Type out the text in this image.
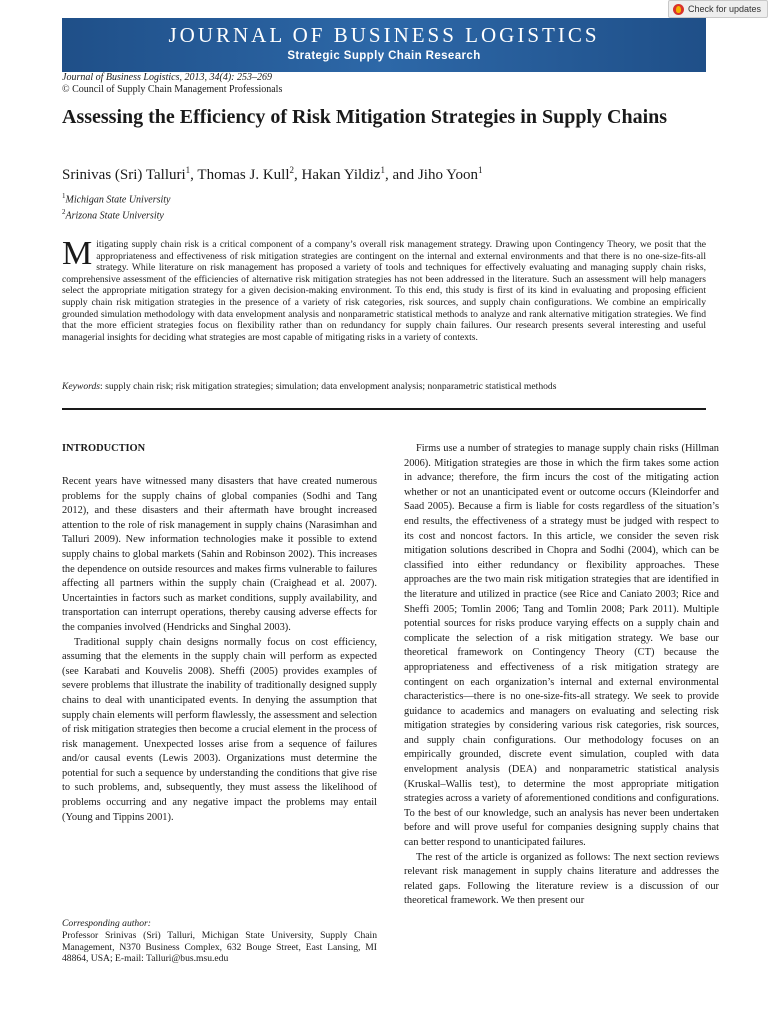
Check for updates
JOURNAL OF BUSINESS LOGISTICS
Strategic Supply Chain Research
Journal of Business Logistics, 2013, 34(4): 253–269
© Council of Supply Chain Management Professionals
Assessing the Efficiency of Risk Mitigation Strategies in Supply Chains
Srinivas (Sri) Talluri$^1$, Thomas J. Kull$^2$, Hakan Yildiz$^1$, and Jiho Yoon$^1$
$^1$Michigan State University
$^2$Arizona State University

Mitigating supply chain risk is a critical component of a company’s overall risk management strategy. Drawing upon Contingency Theory, we posit that the appropriateness and effectiveness of risk mitigation strategies are contingent on the internal and external environments and that there is no one-size-fits-all strategy. While literature on risk management has proposed a variety of tools and techniques for effectively evaluating and managing supply chain risks, comprehensive assessment of the efficiencies of alternative risk mitigation strategies has not been addressed in the literature. Such an assessment will help managers select the appropriate mitigation strategy for a given decision-making environment. To this end, this study is first of its kind in evaluating and proposing efficient supply chain risk mitigation strategies in the presence of a variety of risk categories, risk sources, and supply chain configurations. We combine an empirically grounded simulation methodology with data envelopment analysis and nonparametric statistical methods to analyze and rank alternative mitigation strategies. We find that the more efficient strategies focus on flexibility rather than on redundancy for supply chain failures. Our research presents several interesting and useful managerial insights for deciding what strategies are most capable of mitigating risks in a variety of contexts.

Keywords: supply chain risk; risk mitigation strategies; simulation; data envelopment analysis; nonparametric statistical methods
INTRODUCTION

Recent years have witnessed many disasters that have created numerous problems for the supply chains of global companies (Sodhi and Tang 2012), and these disasters and their aftermath have brought increased attention to the role of risk management in supply chains (Narasimhan and Talluri 2009). New information technologies make it possible to extend supply chains to global markets (Sahin and Robinson 2002). This increases the dependence on outside resources and makes firms vulnerable to failures affecting all partners within the supply chain (Craighead et al. 2007). Uncertainties in factors such as market conditions, supply availability, and transportation can interrupt operations, thereby causing adverse effects for the companies involved (Hendricks and Singhal 2003).

Traditional supply chain designs normally focus on cost efficiency, assuming that the elements in the supply chain will perform as expected (see Karabati and Kouvelis 2008). Sheffi (2005) provides examples of severe problems that illustrate the inability of traditionally designed supply chains to deal with unanticipated events. In denying the assumption that supply chain elements will perform flawlessly, the assessment and selection of risk mitigation strategies then become a crucial element in the process of risk management. Unexpected losses arise from a sequence of failures and/or causal events (Lewis 2003). Organizations must determine the potential for such a sequence by understanding the conditions that give rise to such problems, and, subsequently, they must assess the likelihood of problems occurring and any negative impact the problems may entail (Young and Tippins 2001).

Corresponding author:
Professor Srinivas (Sri) Talluri, Michigan State University, Supply Chain Management, N370 Business Complex, 632 Bouge Street, East Lansing, MI 48864, USA; E-mail: Talluri@bus.msu.edu

Firms use a number of strategies to manage supply chain risks (Hillman 2006). Mitigation strategies are those in which the firm takes some action in advance; therefore, the firm incurs the cost of the mitigating action whether or not an unanticipated event or outcome occurs (Kleindorfer and Saad 2005). Because a firm is liable for costs regardless of the situation’s end results, the effectiveness of a strategy must be judged with respect to its cost and noncost factors. In this article, we consider the seven risk mitigation solutions described in Chopra and Sodhi (2004), which can be classified into either redundancy or flexibility approaches. These approaches are the two main risk mitigation strategies that are identified in the literature and utilized in practice (see Rice and Caniato 2003; Rice and Sheffi 2005; Tomlin 2006; Tang and Tomlin 2008; Park 2011). Multiple potential sources for risks produce varying effects on a supply chain and complicate the selection of a risk mitigation strategy. We base our theoretical framework on Contingency Theory (CT) because the appropriateness and effectiveness of a risk mitigation strategy are contingent on each organization’s internal and external environmental characteristics—there is no one-size-fits-all strategy. We seek to provide guidance to academics and managers on evaluating and selecting risk mitigation strategies by considering various risk categories, risk sources, and supply chain configurations. Our methodology focuses on an empirically grounded, discrete event simulation, coupled with data envelopment analysis (DEA) and nonparametric statistical analysis (Kruskal–Wallis test), to determine the most appropriate mitigation strategies across a variety of aforementioned conditions and configurations. To the best of our knowledge, such an analysis has never been undertaken before and will prove useful for companies designing supply chains that can better respond to unanticipated failures.

The rest of the article is organized as follows: The next section reviews relevant risk management in supply chains literature and addresses the related gaps. Following the literature review is a discussion of our theoretical framework. We then present our
